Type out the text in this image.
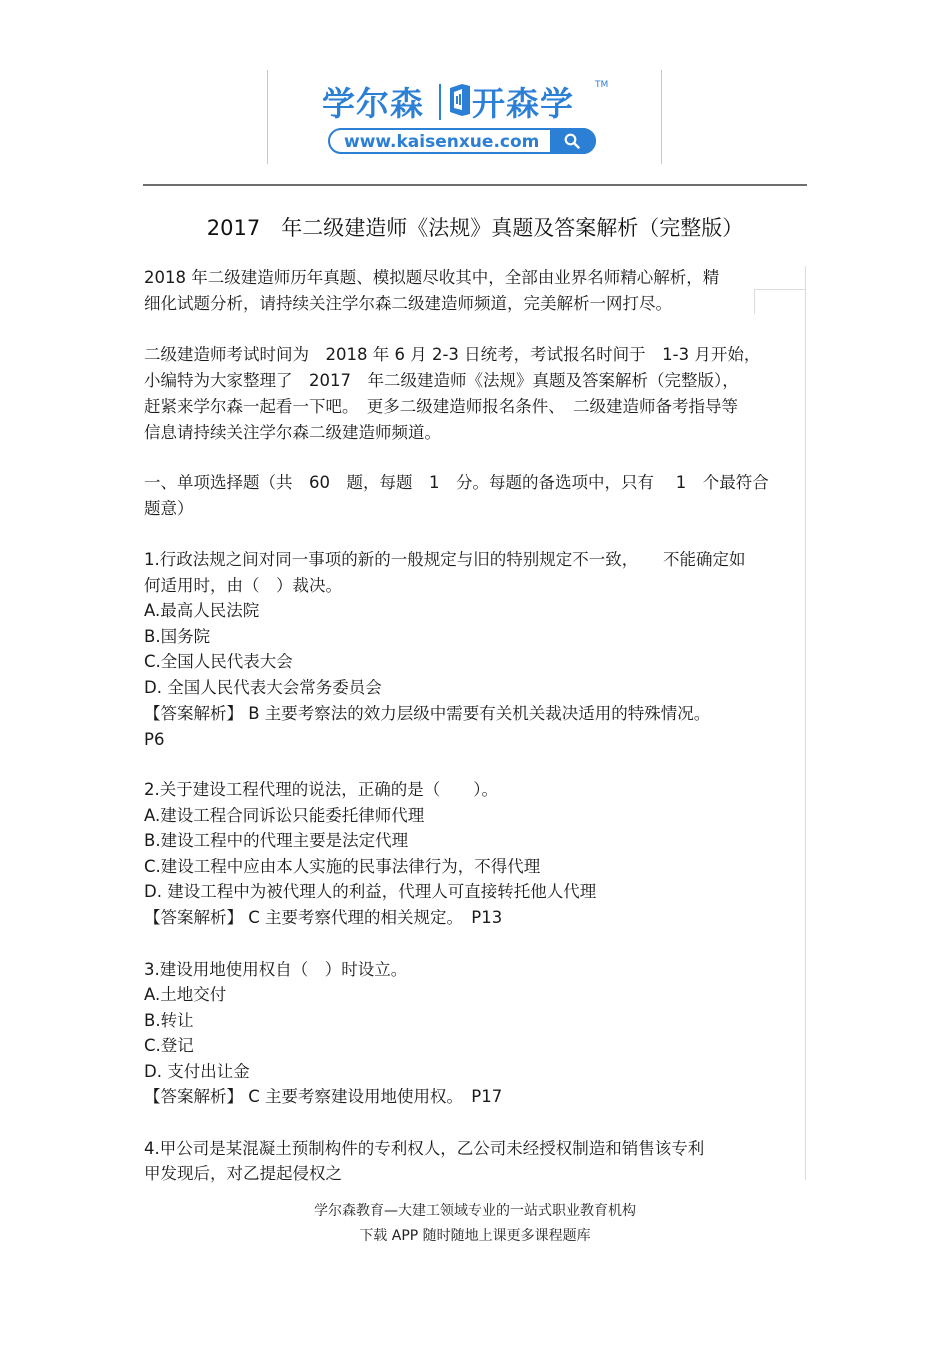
学尔森 开森学 TM
www.kaisenxue.com
2017　年二级建造师《法规》真题及答案解析（完整版）
2018 年二级建造师历年真题、模拟题尽收其中，全部由业界名师精心解析，精
细化试题分析，请持续关注学尔森二级建造师频道，完美解析一网打尽。
二级建造师考试时间为　2018 年 6 月 2-3 日统考，考试报名时间于　1-3 月开始，
小编特为大家整理了　2017　年二级建造师《法规》真题及答案解析（完整版），
赶紧来学尔森一起看一下吧。　更多二级建造师报名条件、　二级建造师备考指导等
信息请持续关注学尔森二级建造师频道。
一、单项选择题（共　60　题，每题　1　分。每题的备选项中，只有　 1　个最符合
题意）
1.行政法规之间对同一事项的新的一般规定与旧的特别规定不一致，　　不能确定如
何适用时，由（　）裁决。
A.最高人民法院
B.国务院
C.全国人民代表大会
D. 全国人民代表大会常务委员会
【答案解析】 B 主要考察法的效力层级中需要有关机关裁决适用的特殊情况。
P6
2.关于建设工程代理的说法，正确的是（　　）。
A.建设工程合同诉讼只能委托律师代理
B.建设工程中的代理主要是法定代理
C.建设工程中应由本人实施的民事法律行为，不得代理
D. 建设工程中为被代理人的利益，代理人可直接转托他人代理
【答案解析】 C 主要考察代理的相关规定。　P13
3.建设用地使用权自（　）时设立。
A.土地交付
B.转让
C.登记
D. 支付出让金
【答案解析】 C 主要考察建设用地使用权。　P17
4.甲公司是某混凝土预制构件的专利权人，乙公司未经授权制造和销售该专利
甲发现后，对乙提起侵权之
学尔森教育—大建工领域专业的一站式职业教育机构
下载 APP 随时随地上课更多课程题库
